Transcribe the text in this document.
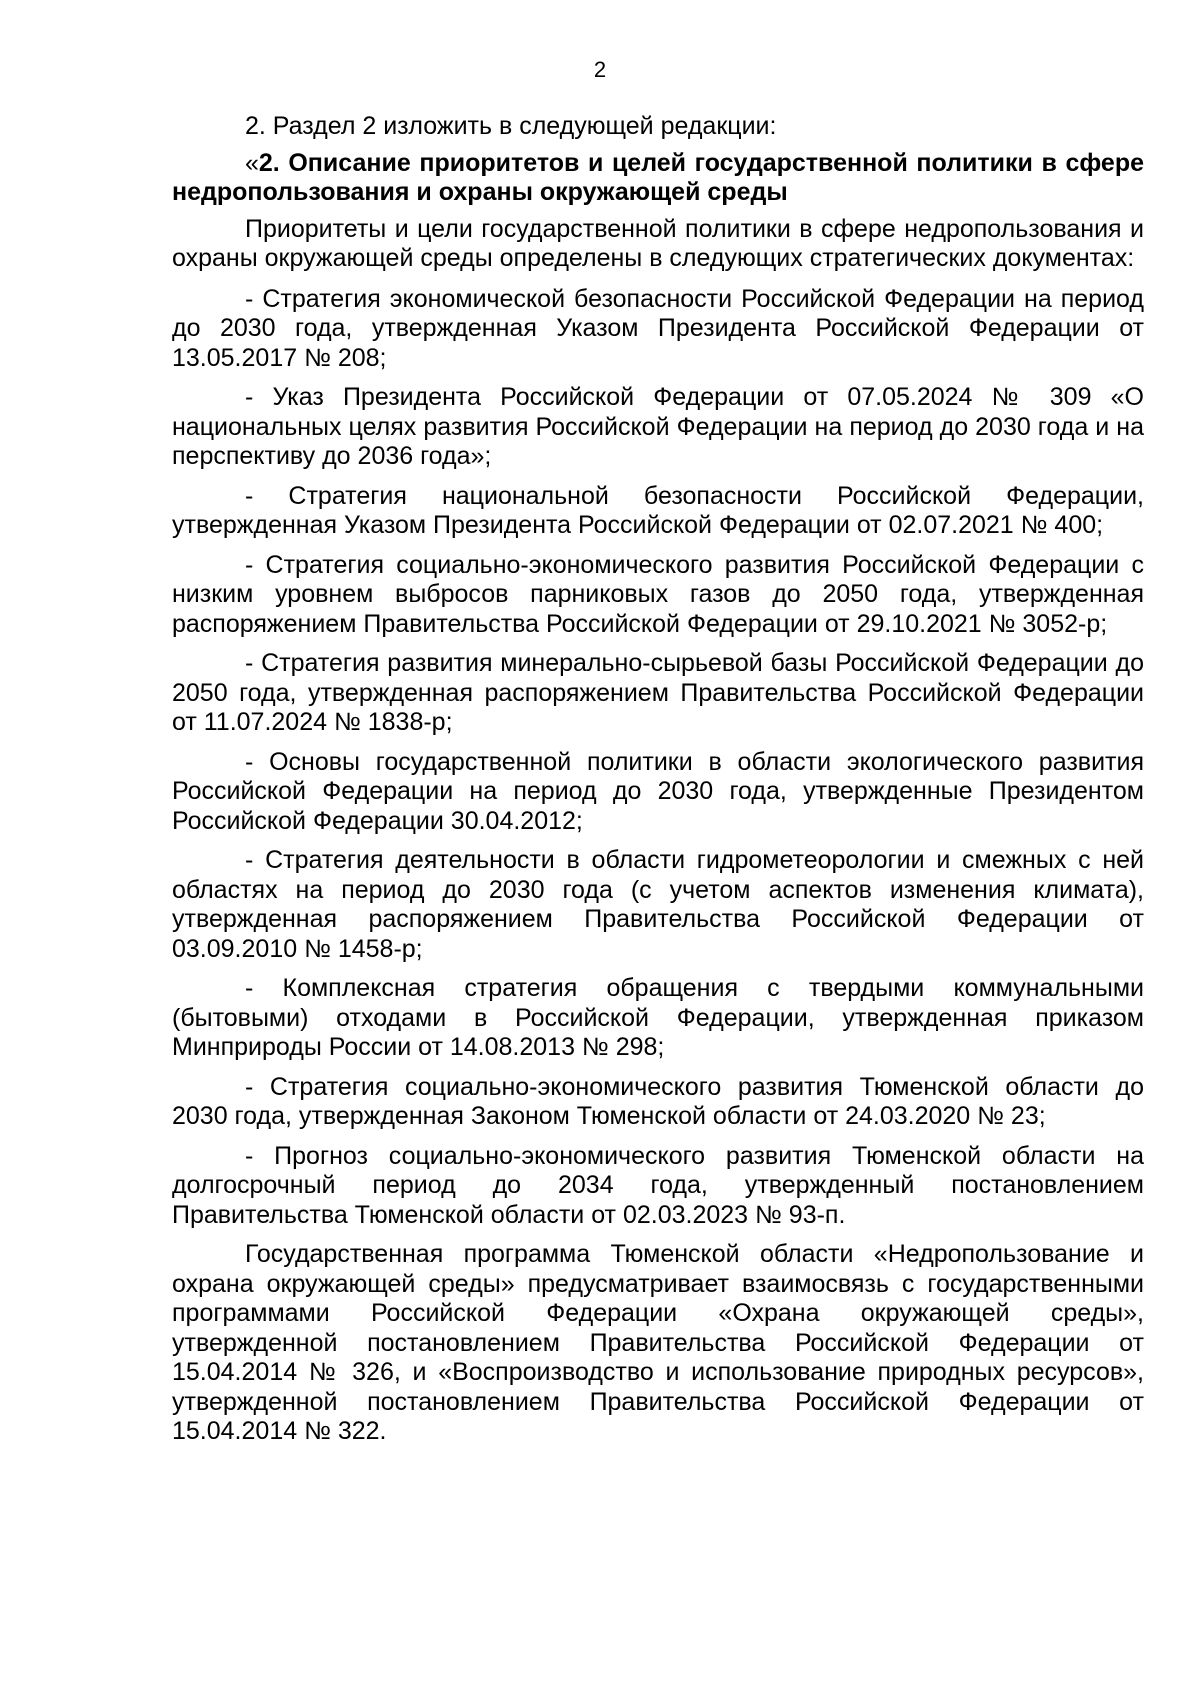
2

2. Раздел 2 изложить в следующей редакции:

«2. Описание приоритетов и целей государственной политики в сфере недропользования и охраны окружающей среды

Приоритеты и цели государственной политики в сфере недропользования и охраны окружающей среды определены в следующих стратегических документах:

- Стратегия экономической безопасности Российской Федерации на период до 2030 года, утвержденная Указом Президента Российской Федерации от 13.05.2017 № 208;

- Указ Президента Российской Федерации от 07.05.2024 № 309 «О национальных целях развития Российской Федерации на период до 2030 года и на перспективу до 2036 года»;

- Стратегия национальной безопасности Российской Федерации, утвержденная Указом Президента Российской Федерации от 02.07.2021 № 400;

- Стратегия социально-экономического развития Российской Федерации с низким уровнем выбросов парниковых газов до 2050 года, утвержденная распоряжением Правительства Российской Федерации от 29.10.2021 № 3052-р;

- Стратегия развития минерально-сырьевой базы Российской Федерации до 2050 года, утвержденная распоряжением Правительства Российской Федерации от 11.07.2024 № 1838-р;

- Основы государственной политики в области экологического развития Российской Федерации на период до 2030 года, утвержденные Президентом Российской Федерации 30.04.2012;

- Стратегия деятельности в области гидрометеорологии и смежных с ней областях на период до 2030 года (с учетом аспектов изменения климата), утвержденная распоряжением Правительства Российской Федерации от 03.09.2010 № 1458-р;

- Комплексная стратегия обращения с твердыми коммунальными (бытовыми) отходами в Российской Федерации, утвержденная приказом Минприроды России от 14.08.2013 № 298;

- Стратегия социально-экономического развития Тюменской области до 2030 года, утвержденная Законом Тюменской области от 24.03.2020 № 23;

- Прогноз социально-экономического развития Тюменской области на долгосрочный период до 2034 года, утвержденный постановлением Правительства Тюменской области от 02.03.2023 № 93-п.

Государственная программа Тюменской области «Недропользование и охрана окружающей среды» предусматривает взаимосвязь с государственными программами Российской Федерации «Охрана окружающей среды», утвержденной постановлением Правительства Российской Федерации от 15.04.2014 № 326, и «Воспроизводство и использование природных ресурсов», утвержденной постановлением Правительства Российской Федерации от 15.04.2014 № 322.
